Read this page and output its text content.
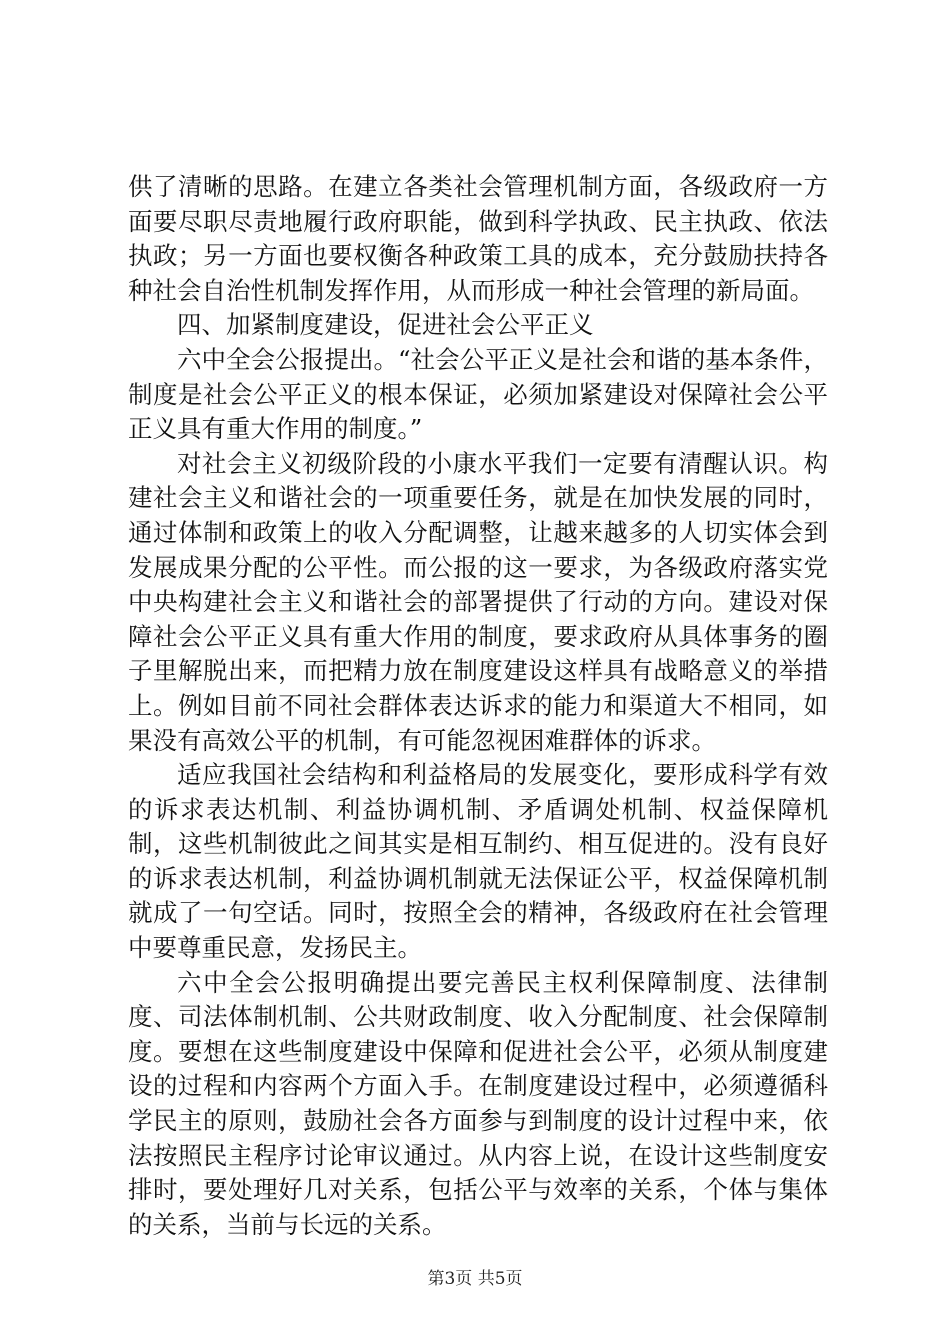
供了清晰的思路。在建立各类社会管理机制方面，各级政府一方面要尽职尽责地履行政府职能，做到科学执政、民主执政、依法执政；另一方面也要权衡各种政策工具的成本，充分鼓励扶持各种社会自治性机制发挥作用，从而形成一种社会管理的新局面。

四、加紧制度建设，促进社会公平正义

六中全会公报提出。“社会公平正义是社会和谐的基本条件，制度是社会公平正义的根本保证，必须加紧建设对保障社会公平正义具有重大作用的制度。”

对社会主义初级阶段的小康水平我们一定要有清醒认识。构建社会主义和谐社会的一项重要任务，就是在加快发展的同时，通过体制和政策上的收入分配调整，让越来越多的人切实体会到发展成果分配的公平性。而公报的这一要求，为各级政府落实党中央构建社会主义和谐社会的部署提供了行动的方向。建设对保障社会公平正义具有重大作用的制度，要求政府从具体事务的圈子里解脱出来，而把精力放在制度建设这样具有战略意义的举措上。例如目前不同社会群体表达诉求的能力和渠道大不相同，如果没有高效公平的机制，有可能忽视困难群体的诉求。

适应我国社会结构和利益格局的发展变化，要形成科学有效的诉求表达机制、利益协调机制、矛盾调处机制、权益保障机制，这些机制彼此之间其实是相互制约、相互促进的。没有良好的诉求表达机制，利益协调机制就无法保证公平，权益保障机制就成了一句空话。同时，按照全会的精神，各级政府在社会管理中要尊重民意，发扬民主。

六中全会公报明确提出要完善民主权利保障制度、法律制度、司法体制机制、公共财政制度、收入分配制度、社会保障制度。要想在这些制度建设中保障和促进社会公平，必须从制度建设的过程和内容两个方面入手。在制度建设过程中，必须遵循科学民主的原则，鼓励社会各方面参与到制度的设计过程中来，依法按照民主程序讨论审议通过。从内容上说，在设计这些制度安排时，要处理好几对关系，包括公平与效率的关系，个体与集体的关系，当前与长远的关系。

第3页 共5页
